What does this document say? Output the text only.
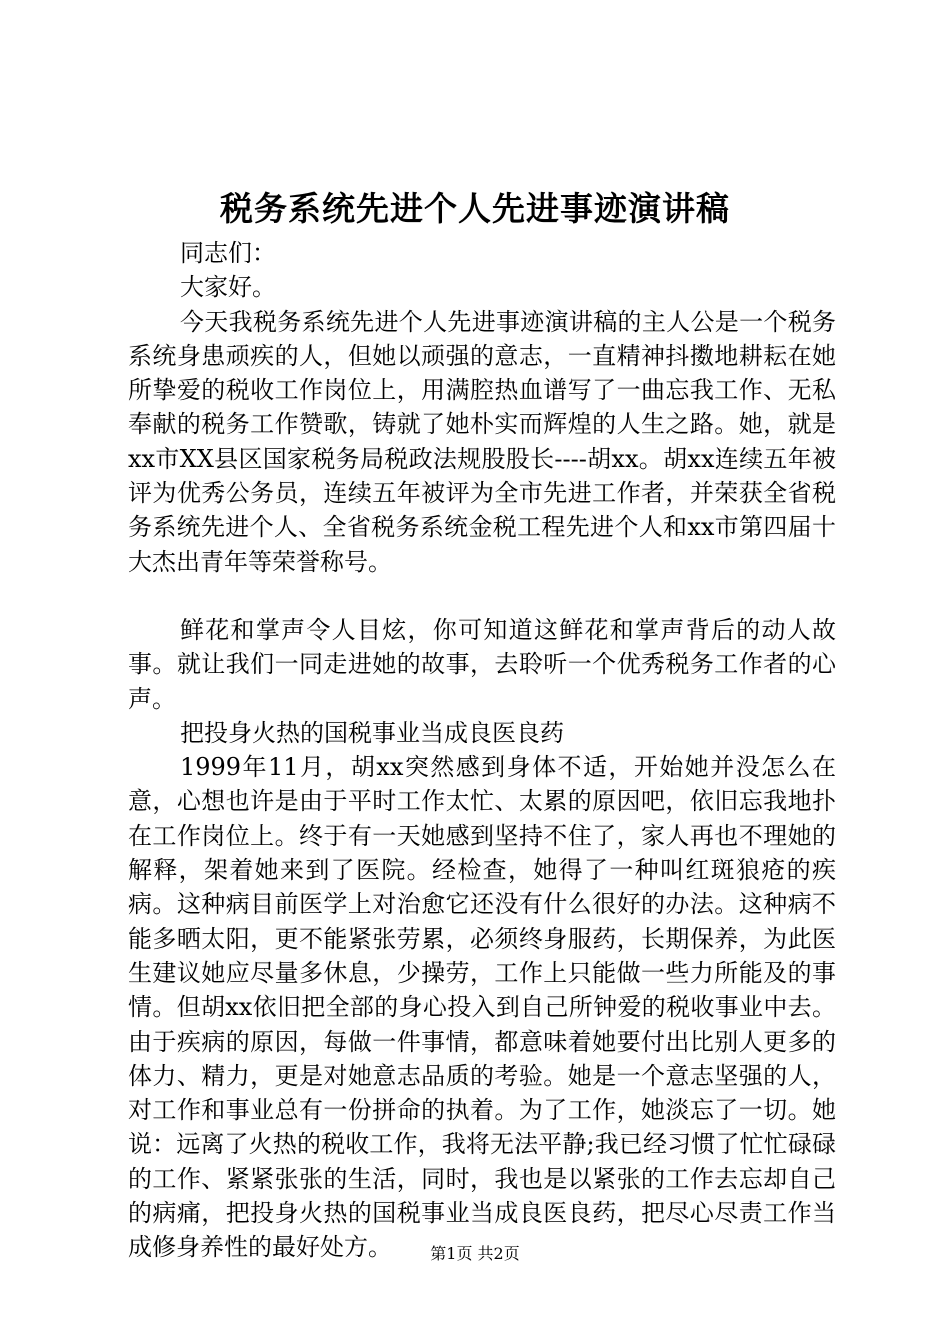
税务系统先进个人先进事迹演讲稿

同志们：

大家好。

今天我税务系统先进个人先进事迹演讲稿的主人公是一个税务系统身患顽疾的人，但她以顽强的意志，一直精神抖擞地耕耘在她所挚爱的税收工作岗位上，用满腔热血谱写了一曲忘我工作、无私奉献的税务工作赞歌，铸就了她朴实而辉煌的人生之路。她，就是xx市XX县区国家税务局税政法规股股长----胡xx。胡xx连续五年被评为优秀公务员，连续五年被评为全市先进工作者，并荣获全省税务系统先进个人、全省税务系统金税工程先进个人和xx市第四届十大杰出青年等荣誉称号。

鲜花和掌声令人目炫，你可知道这鲜花和掌声背后的动人故事。就让我们一同走进她的故事，去聆听一个优秀税务工作者的心声。

把投身火热的国税事业当成良医良药

1999年11月，胡xx突然感到身体不适，开始她并没怎么在意，心想也许是由于平时工作太忙、太累的原因吧，依旧忘我地扑在工作岗位上。终于有一天她感到坚持不住了，家人再也不理她的解释，架着她来到了医院。经检查，她得了一种叫红斑狼疮的疾病。这种病目前医学上对治愈它还没有什么很好的办法。这种病不能多晒太阳，更不能紧张劳累，必须终身服药，长期保养，为此医生建议她应尽量多休息，少操劳，工作上只能做一些力所能及的事情。但胡xx依旧把全部的身心投入到自己所钟爱的税收事业中去。由于疾病的原因，每做一件事情，都意味着她要付出比别人更多的体力、精力，更是对她意志品质的考验。她是一个意志坚强的人，对工作和事业总有一份拼命的执着。为了工作，她淡忘了一切。她说：远离了火热的税收工作，我将无法平静;我已经习惯了忙忙碌碌的工作、紧紧张张的生活，同时，我也是以紧张的工作去忘却自己的病痛，把投身火热的国税事业当成良医良药，把尽心尽责工作当成修身养性的最好处方。	第1页 共2页
